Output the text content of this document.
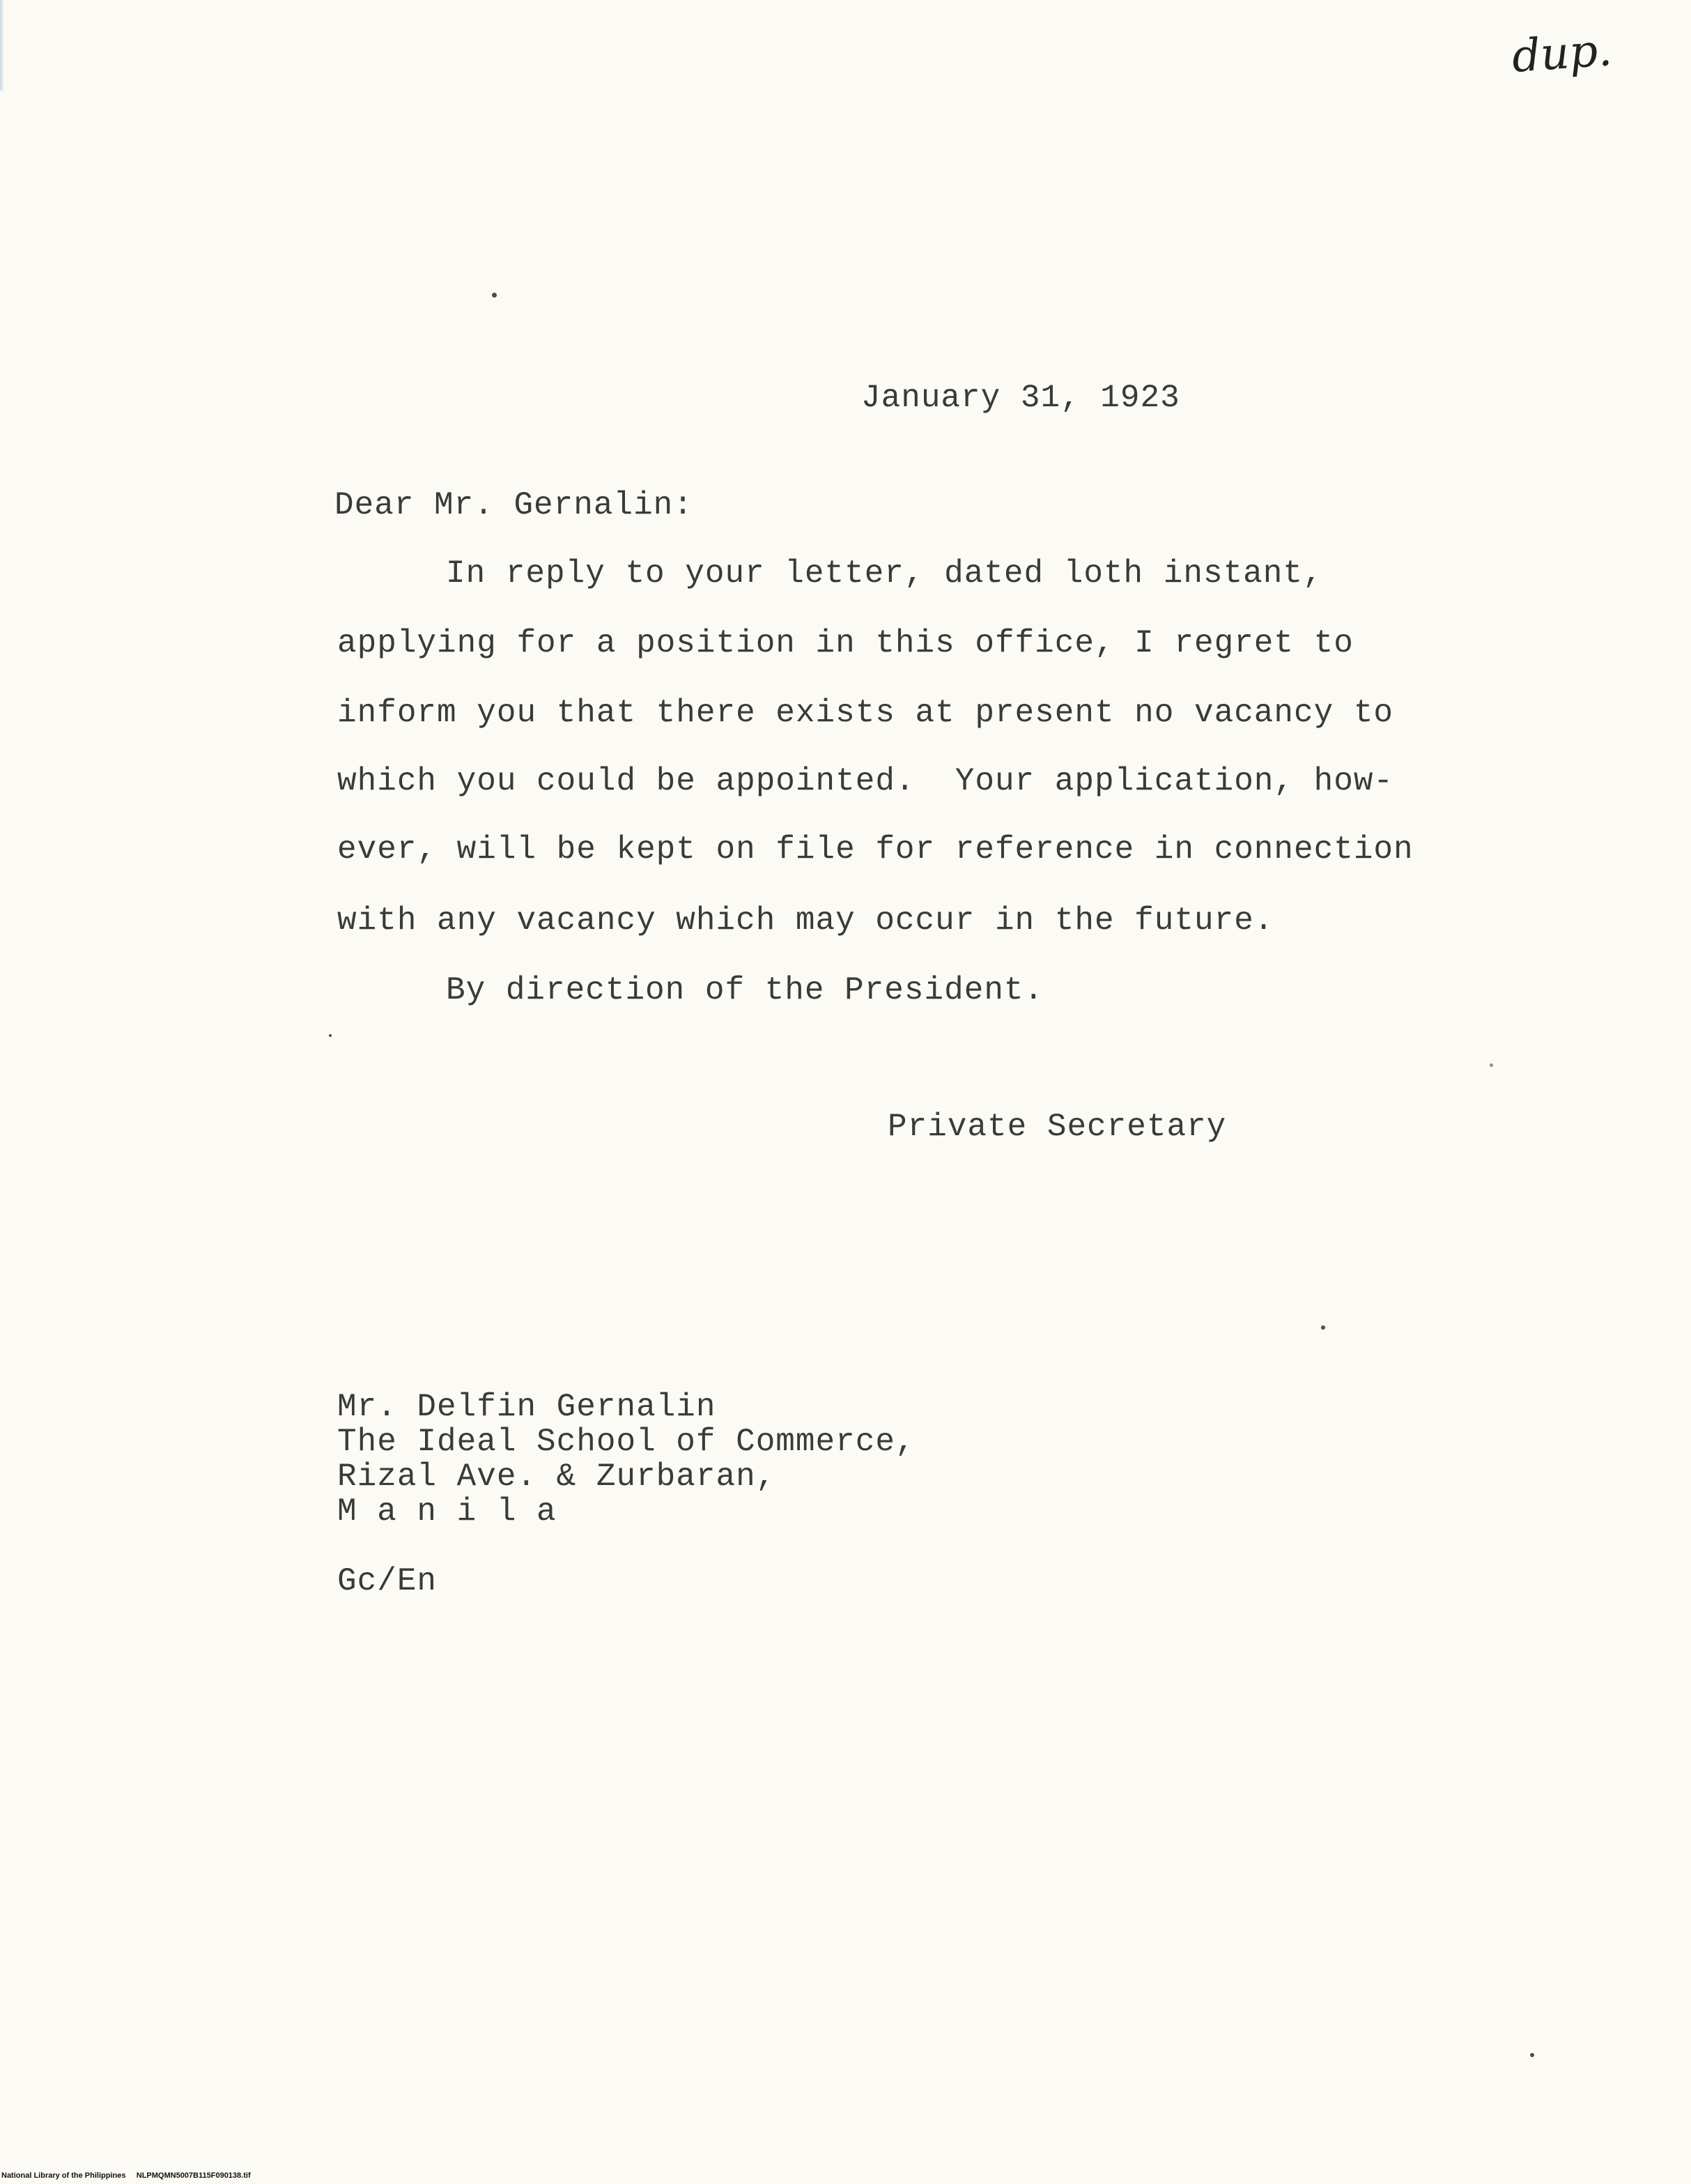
dup.
January 31, 1923
Dear Mr. Gernalin:
In reply to your letter, dated loth instant,
applying for a position in this office, I regret to
inform you that there exists at present no vacancy to
which you could be appointed.  Your application, how-
ever, will be kept on file for reference in connection
with any vacancy which may occur in the future.
By direction of the President.
Private Secretary
Mr. Delfin Gernalin
The Ideal School of Commerce,
Rizal Ave. & Zurbaran,
M a n i l a
Gc/En
National Library of the Philippines NLPMQMN5007B115F090138.tif
